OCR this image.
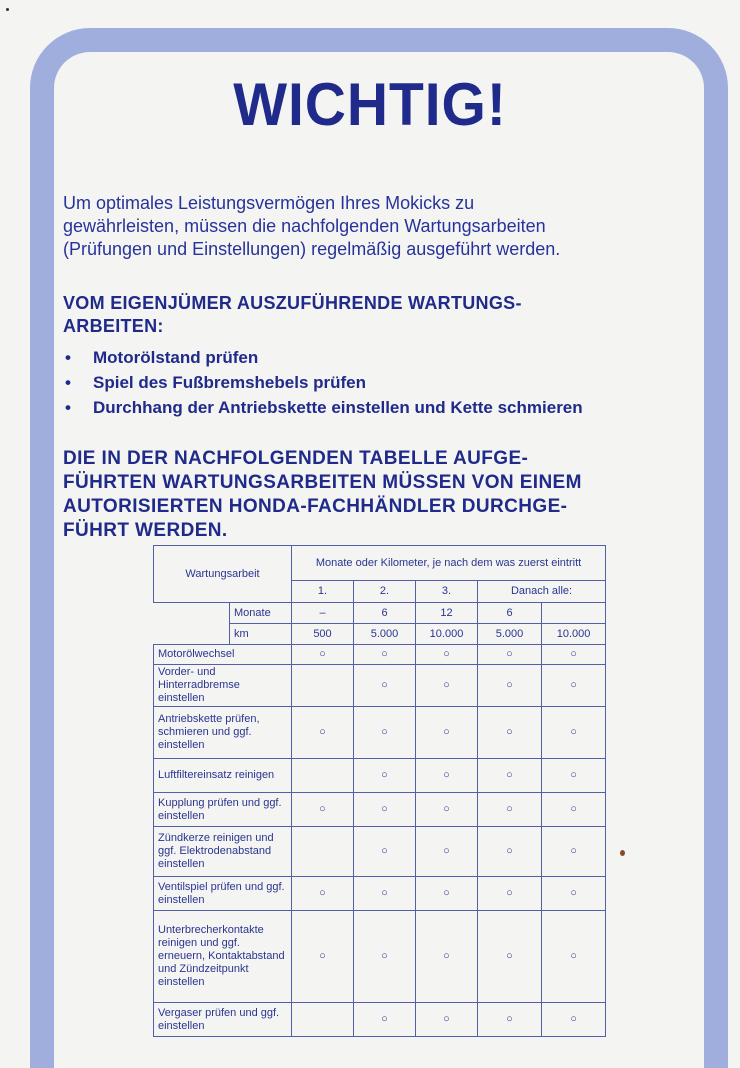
WICHTIG!
Um optimales Leistungsvermögen Ihres Mokicks zu
gewährleisten, müssen die nachfolgenden Wartungsarbeiten
(Prüfungen und Einstellungen) regelmäßig ausgeführt werden.
VOM EIGENJÜMER AUSZUFÜHRENDE WARTUNGS-
ARBEITEN:
• Motorölstand prüfen
• Spiel des Fußbremshebels prüfen
• Durchhang der Antriebskette einstellen und Kette schmieren
DIE IN DER NACHFOLGENDEN TABELLE AUFGE-
FÜHRTEN WARTUNGSARBEITEN MÜSSEN VON EINEM
AUTORISIERTEN HONDA-FACHHÄNDLER DURCHGE-
FÜHRT WERDEN.
Wartungsarbeit		Monate oder Kilometer, je nach dem was zuerst eintritt				
		1.	2.	3.	Danach alle:	
	Monate	–	6	12	6	
	km	500	5.000	10.000	5.000	10.000
Motorölwechsel		○	○	○	○	○
Vorder- und Hinterradbremse einstellen			○	○	○	○
Antriebskette prüfen, schmieren und ggf. einstellen		○	○	○	○	○
Luftfiltereinsatz reinigen			○	○	○	○
Kupplung prüfen und ggf. einstellen		○	○	○	○	○
Zündkerze reinigen und ggf. Elektrodenabstand einstellen			○	○	○	○
Ventilspiel prüfen und ggf. einstellen		○	○	○	○	○
Unterbrecherkontakte reinigen und ggf. erneuern, Kontaktabstand und Zündzeitpunkt einstellen		○	○	○	○	○
Vergaser prüfen und ggf. einstellen			○	○	○	○
